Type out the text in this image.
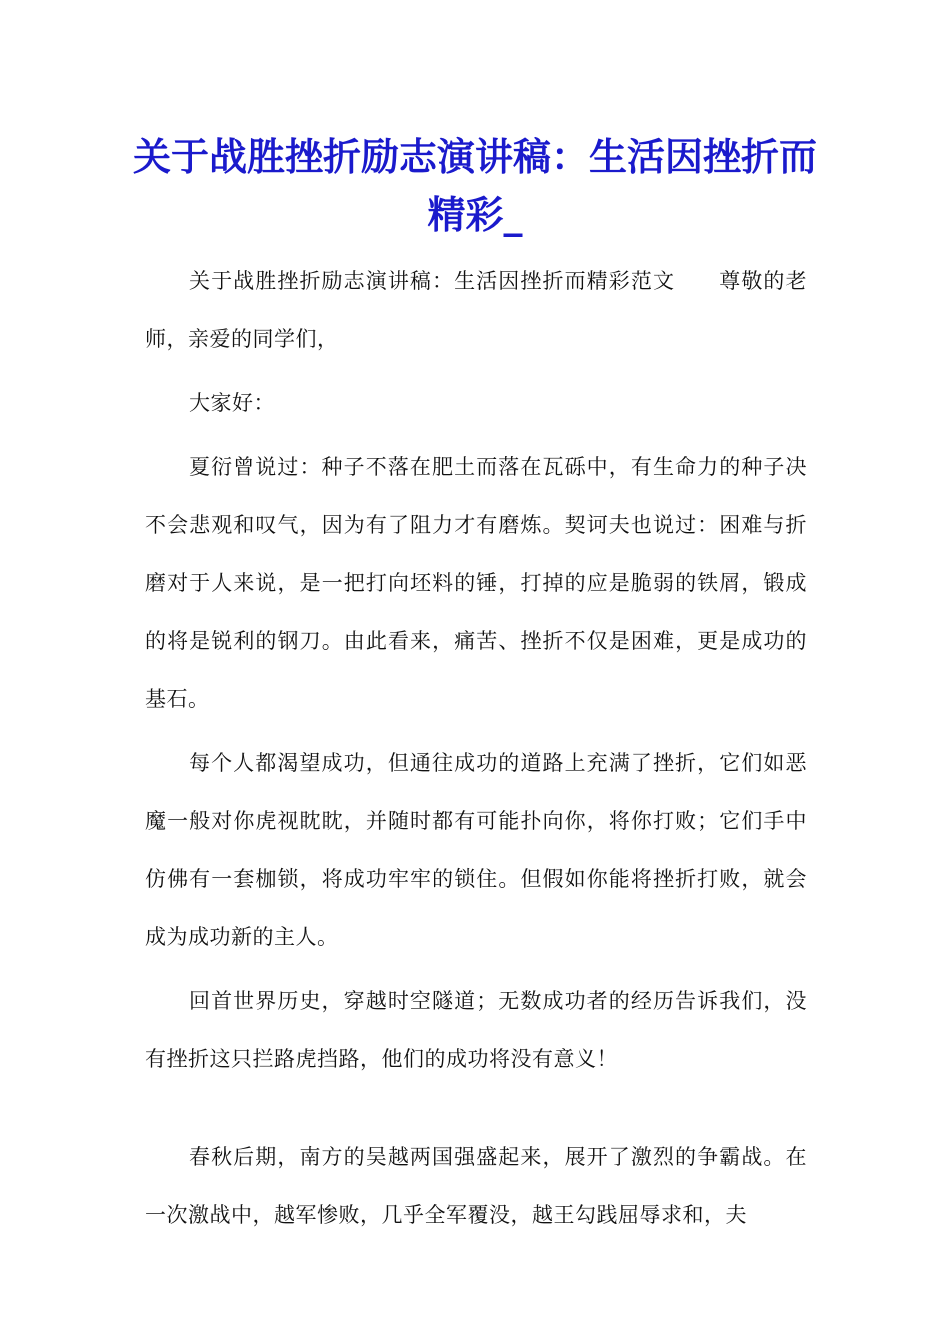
关于战胜挫折励志演讲稿：生活因挫折而精彩_

关于战胜挫折励志演讲稿：生活因挫折而精彩范文　　尊敬的老师，亲爱的同学们，

大家好：

夏衍曾说过：种子不落在肥土而落在瓦砾中，有生命力的种子决不会悲观和叹气，因为有了阻力才有磨炼。契诃夫也说过：困难与折磨对于人来说，是一把打向坯料的锤，打掉的应是脆弱的铁屑，锻成的将是锐利的钢刀。由此看来，痛苦、挫折不仅是困难，更是成功的基石。

每个人都渴望成功，但通往成功的道路上充满了挫折，它们如恶魔一般对你虎视眈眈，并随时都有可能扑向你，将你打败；它们手中仿佛有一套枷锁，将成功牢牢的锁住。但假如你能将挫折打败，就会成为成功新的主人。

回首世界历史，穿越时空隧道；无数成功者的经历告诉我们，没有挫折这只拦路虎挡路，他们的成功将没有意义！

春秋后期，南方的吴越两国强盛起来，展开了激烈的争霸战。在一次激战中，越军惨败，几乎全军覆没，越王勾践屈辱求和，夫
